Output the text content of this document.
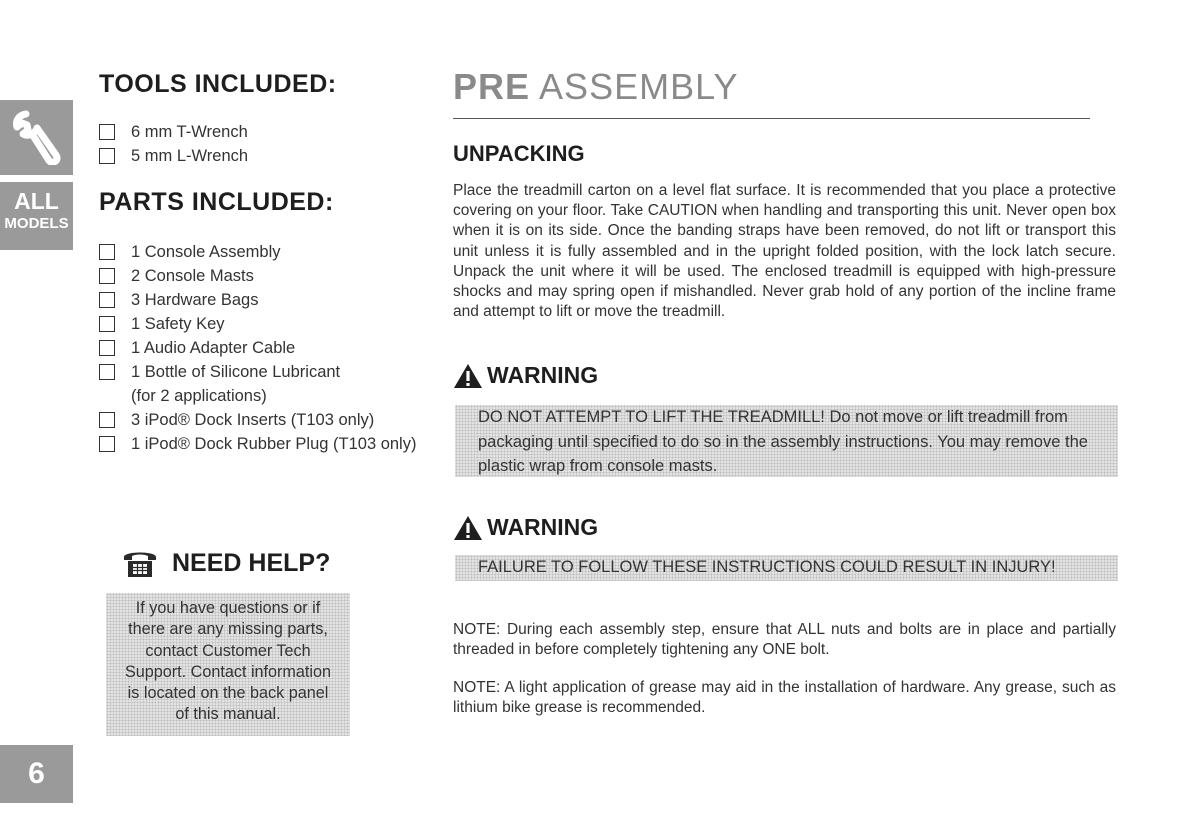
ALL
MODELS
6
TOOLS INCLUDED:
6 mm T-Wrench
5 mm L-Wrench
PARTS INCLUDED:
1 Console Assembly
2 Console Masts
3 Hardware Bags
1 Safety Key
1 Audio Adapter Cable
1 Bottle of Silicone Lubricant
(for 2 applications)
3 iPod® Dock Inserts (T103 only)
1 iPod® Dock Rubber Plug (T103 only)
NEED HELP?
If you have questions or if
there are any missing parts,
contact Customer Tech
Support. Contact information
is located on the back panel
of this manual.
PRE ASSEMBLY
UNPACKING

Place the treadmill carton on a level flat surface. It is recommended that you place a protective covering on your floor. Take CAUTION when handling and transporting this unit. Never open box when it is on its side. Once the banding straps have been removed, do not lift or transport this unit unless it is fully assembled and in the upright folded position, with the lock latch secure. Unpack the unit where it will be used. The enclosed treadmill is equipped with high-pressure shocks and may spring open if mishandled. Never grab hold of any portion of the incline frame and attempt to lift or move the treadmill.

WARNING
DO NOT ATTEMPT TO LIFT THE TREADMILL! Do not move or lift treadmill from packaging until specified to do so in the assembly instructions. You may remove the plastic wrap from console masts.
WARNING
FAILURE TO FOLLOW THESE INSTRUCTIONS COULD RESULT IN INJURY!

NOTE: During each assembly step, ensure that ALL nuts and bolts are in place and partially threaded in before completely tightening any ONE bolt.

NOTE: A light application of grease may aid in the installation of hardware. Any grease, such as lithium bike grease is recommended.
